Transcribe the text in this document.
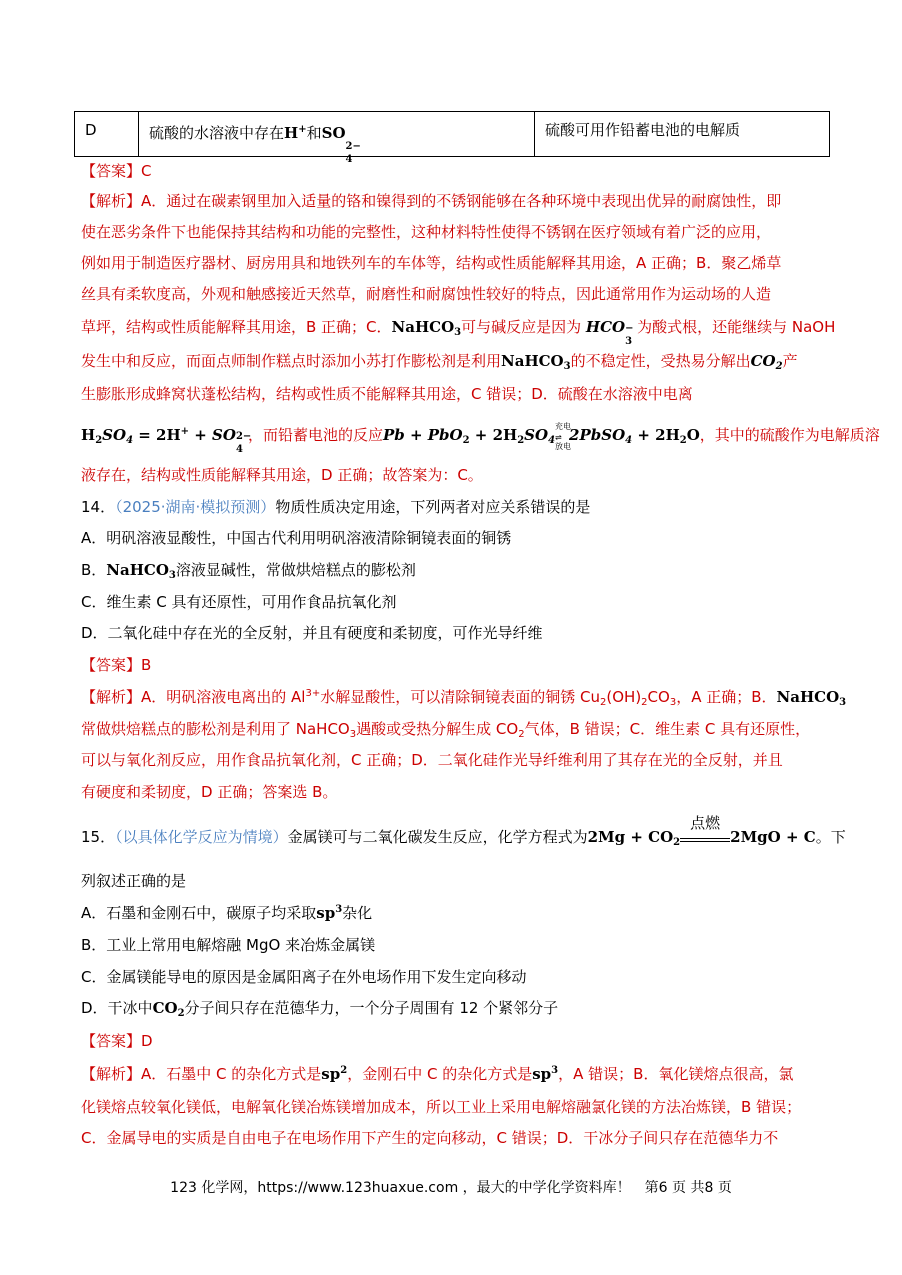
D	硫酸的水溶液中存在H+和SO
2−
4
硫酸可用作铅蓄电池的电解质
【答案】C
【解析】A．通过在碳素钢里加入适量的铬和镍得到的不锈钢能够在各种环境中表现出优异的耐腐蚀性，即
使在恶劣条件下也能保持其结构和功能的完整性，这种材料特性使得不锈钢在医疗领域有着广泛的应用，
例如用于制造医疗器材、厨房用具和地铁列车的车体等，结构或性质能解释其用途，A 正确；B．聚乙烯草
丝具有柔软度高，外观和触感接近天然草，耐磨性和耐腐蚀性较好的特点，因此通常用作为运动场的人造
草坪，结构或性质能解释其用途，B 正确；C．NaHCO$_3$可与碱反应是因为 HCO −
3
为酸式根，还能继续与 NaOH
发生中和反应，而面点师制作糕点时添加小苏打作膨松剂是利用NaHCO$_3$的不稳定性，受热易分解出$CO_2$产
生膨胀形成蜂窝状蓬松结构，结构或性质不能解释其用途，C 错误；D．硫酸在水溶液中电离
$H_2SO_4 = 2H^+$ + SO 2−
4
，而铅蓄电池的反应$Pb + PbO_2 + 2H_2SO_4$
充电
⇌
放电
2PbSO$_4$ + $2H_2O$，其中的硫酸作为电解质溶
液存在，结构或性质能解释其用途，D 正确；故答案为：C。
14．（2025·湖南·模拟预测）物质性质决定用途，下列两者对应关系错误的是
A．明矾溶液显酸性，中国古代利用明矾溶液清除铜镜表面的铜锈
B．NaHCO$_3$溶液显碱性，常做烘焙糕点的膨松剂
C．维生素 C 具有还原性，可用作食品抗氧化剂
D．二氧化硅中存在光的全反射，并且有硬度和柔韧度，可作光导纤维
【答案】B
【解析】A．明矾溶液电离出的 $Al^{3+}$水解显酸性，可以清除铜镜表面的铜锈 $Cu_2(OH)_2CO_3$，A 正确；B．NaHCO$_3$
常做烘焙糕点的膨松剂是利用了 NaHCO$_3$遇酸或受热分解生成 $CO_2$气体，B 错误；C．维生素 C 具有还原性，
可以与氧化剂反应，用作食品抗氧化剂，C 正确；D．二氧化硅作光导纤维利用了其存在光的全反射，并且
有硬度和柔韧度，D 正确；答案选 B。
15．（以具体化学反应为情境）金属镁可与二氧化碳发生反应，化学方程式为$2Mg + CO_2$
点燃
2MgO + C。下
列叙述正确的是
A．石墨和金刚石中，碳原子均采取$sp^3$杂化
B．工业上常用电解熔融 MgO 来冶炼金属镁
C．金属镁能导电的原因是金属阳离子在外电场作用下发生定向移动
D．干冰中$CO_2$分子间只存在范德华力，一个分子周围有 12 个紧邻分子
【答案】D
【解析】A．石墨中 C 的杂化方式是$sp^2$，金刚石中 C 的杂化方式是$sp^3$，A 错误；B．氧化镁熔点很高，氯
化镁熔点较氧化镁低，电解氧化镁冶炼镁增加成本，所以工业上采用电解熔融氯化镁的方法冶炼镁，B 错误；
C．金属导电的实质是自由电子在电场作用下产生的定向移动，C 错误；D．干冰分子间只存在范德华力不
123 化学网，https://www.123huaxue.com ，最大的中学化学资料库！　第6 页 共8 页
